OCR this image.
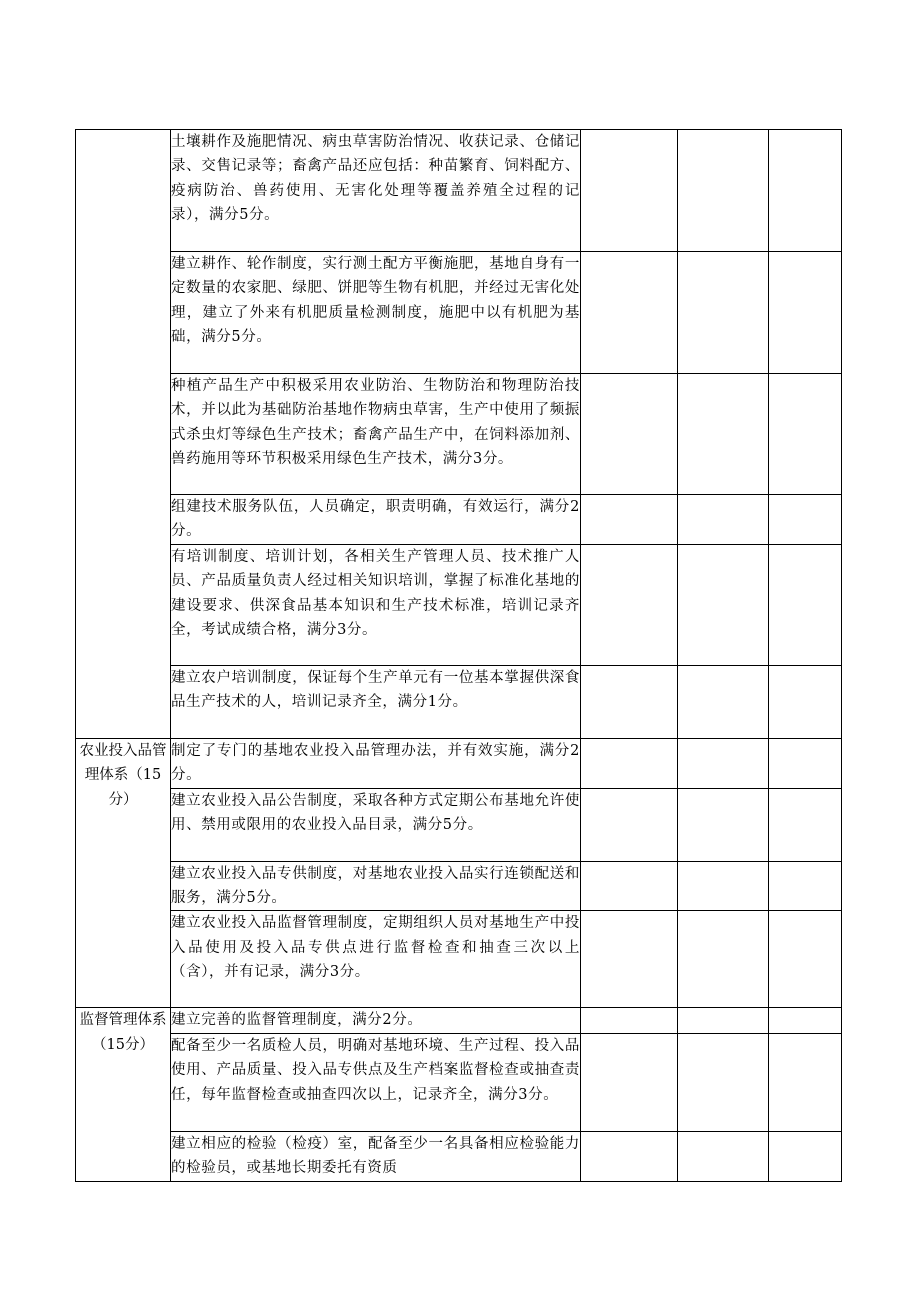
	土壤耕作及施肥情况、病虫草害防治情况、收获记录、仓储记录、交售记录等；畜禽产品还应包括：种苗繁育、饲料配方、疫病防治、兽药使用、无害化处理等覆盖养殖全过程的记录），满分5分。			

	建立耕作、轮作制度，实行测土配方平衡施肥，基地自身有一定数量的农家肥、绿肥、饼肥等生物有机肥，并经过无害化处理，建立了外来有机肥质量检测制度，施肥中以有机肥为基础，满分5分。			

	种植产品生产中积极采用农业防治、生物防治和物理防治技术，并以此为基础防治基地作物病虫草害，生产中使用了频振式杀虫灯等绿色生产技术；畜禽产品生产中，在饲料添加剂、兽药施用等环节积极采用绿色生产技术，满分3分。			

	组建技术服务队伍，人员确定，职责明确，有效运行，满分2分。			

	有培训制度、培训计划，各相关生产管理人员、技术推广人员、产品质量负责人经过相关知识培训，掌握了标准化基地的建设要求、供深食品基本知识和生产技术标准，培训记录齐全，考试成绩合格，满分3分。			

	建立农户培训制度，保证每个生产单元有一位基本掌握供深食品生产技术的人，培训记录齐全，满分1分。			

农业投入品管理体系（15分）	制定了专门的基地农业投入品管理办法，并有效实施，满分2分。			

	建立农业投入品公告制度，采取各种方式定期公布基地允许使用、禁用或限用的农业投入品目录，满分5分。			

	建立农业投入品专供制度，对基地农业投入品实行连锁配送和服务，满分5分。			

	建立农业投入品监督管理制度，定期组织人员对基地生产中投入品使用及投入品专供点进行监督检查和抽查三次以上（含），并有记录，满分3分。			

监督管理体系（15分）	建立完善的监督管理制度，满分2分。			

	配备至少一名质检人员，明确对基地环境、生产过程、投入品使用、产品质量、投入品专供点及生产档案监督检查或抽查责任，每年监督检查或抽查四次以上，记录齐全，满分3分。			

	建立相应的检验（检疫）室，配备至少一名具备相应检验能力的检验员，或基地长期委托有资质			
